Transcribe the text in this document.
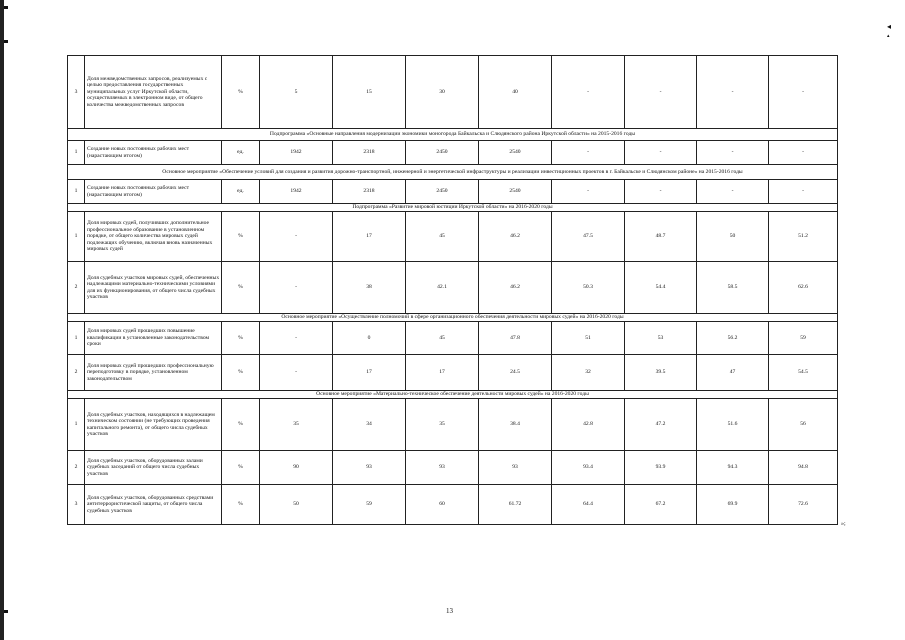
◂
▴
3	Доля межведомственных запросов, реализуемых с целью предоставления государственных муниципальных услуг Иркутской области, осуществляемых в электронном виде, от общего количества межведомственных запросов	%	5	15	30	40	-	-	-	-
Подпрограмма «Основные направления модернизации экономики моногорода Байкальска и Слюдянского района Иркутской области» на 2015-2016 годы										
1	Создание новых постоянных рабочих мест (нарастающим итогом)	ед.	1942	2318	2450	2540	-	-	-	-
Основное мероприятие «Обеспечение условий для создания и развития дорожно-транспортной, инженерной и энергетической инфраструктуры и реализации инвестиционных проектов в г. Байкальске и Слюдянском районе» на 2015-2016 годы										
1	Создание новых постоянных рабочих мест (нарастающим итогом)	ед.	1942	2318	2450	2540	-	-	-	-
Подпрограмма «Развитие мировой юстиции Иркутской области» на 2016-2020 годы										
1	Доля мировых судей, получивших дополнительное профессиональное образование в установленном порядке, от общего количества мировых судей подлежащих обучению, включая вновь назначенных мировых судей	%	-	17	45	46.2	47.5	48.7	50	51.2
2	Доля судебных участков мировых судей, обеспеченных надлежащими материально-техническими условиями для их функционирования, от общего числа судебных участков	%	-	38	42.1	46.2	50.3	54.4	58.5	62.6
Основное мероприятие «Осуществление полномочий в сфере организационного обеспечения деятельности мировых судей» на 2016-2020 годы										
1	Доля мировых судей прошедших повышение квалификации в установленные законодательством сроки	%	-	0	45	47.8	51	53	56.2	59
2	Доля мировых судей прошедших профессиональную переподготовку в порядке, установленном законодательством	%	-	17	17	24.5	32	39.5	47	54.5
Основное мероприятие «Материально-техническое обеспечение деятельности мировых судей» на 2016-2020 годы										
1	Доля судебных участков, находящихся в надлежащем техническом состоянии (не требующих проведения капитального ремонта), от общего числа судебных участков	%	35	34	35	38.4	42.8	47.2	51.6	56
2	Доля судебных участков, оборудованных залами судебных заседаний от общего числа судебных участков	%	90	93	93	93	93.4	93.9	94.3	94.8
3	Доля судебных участков, оборудованных средствами антитеррористической защиты, от общего числа судебных участков	%	50	59	60	61.72	64.4	67.2	69.9	72.6
»;
13
